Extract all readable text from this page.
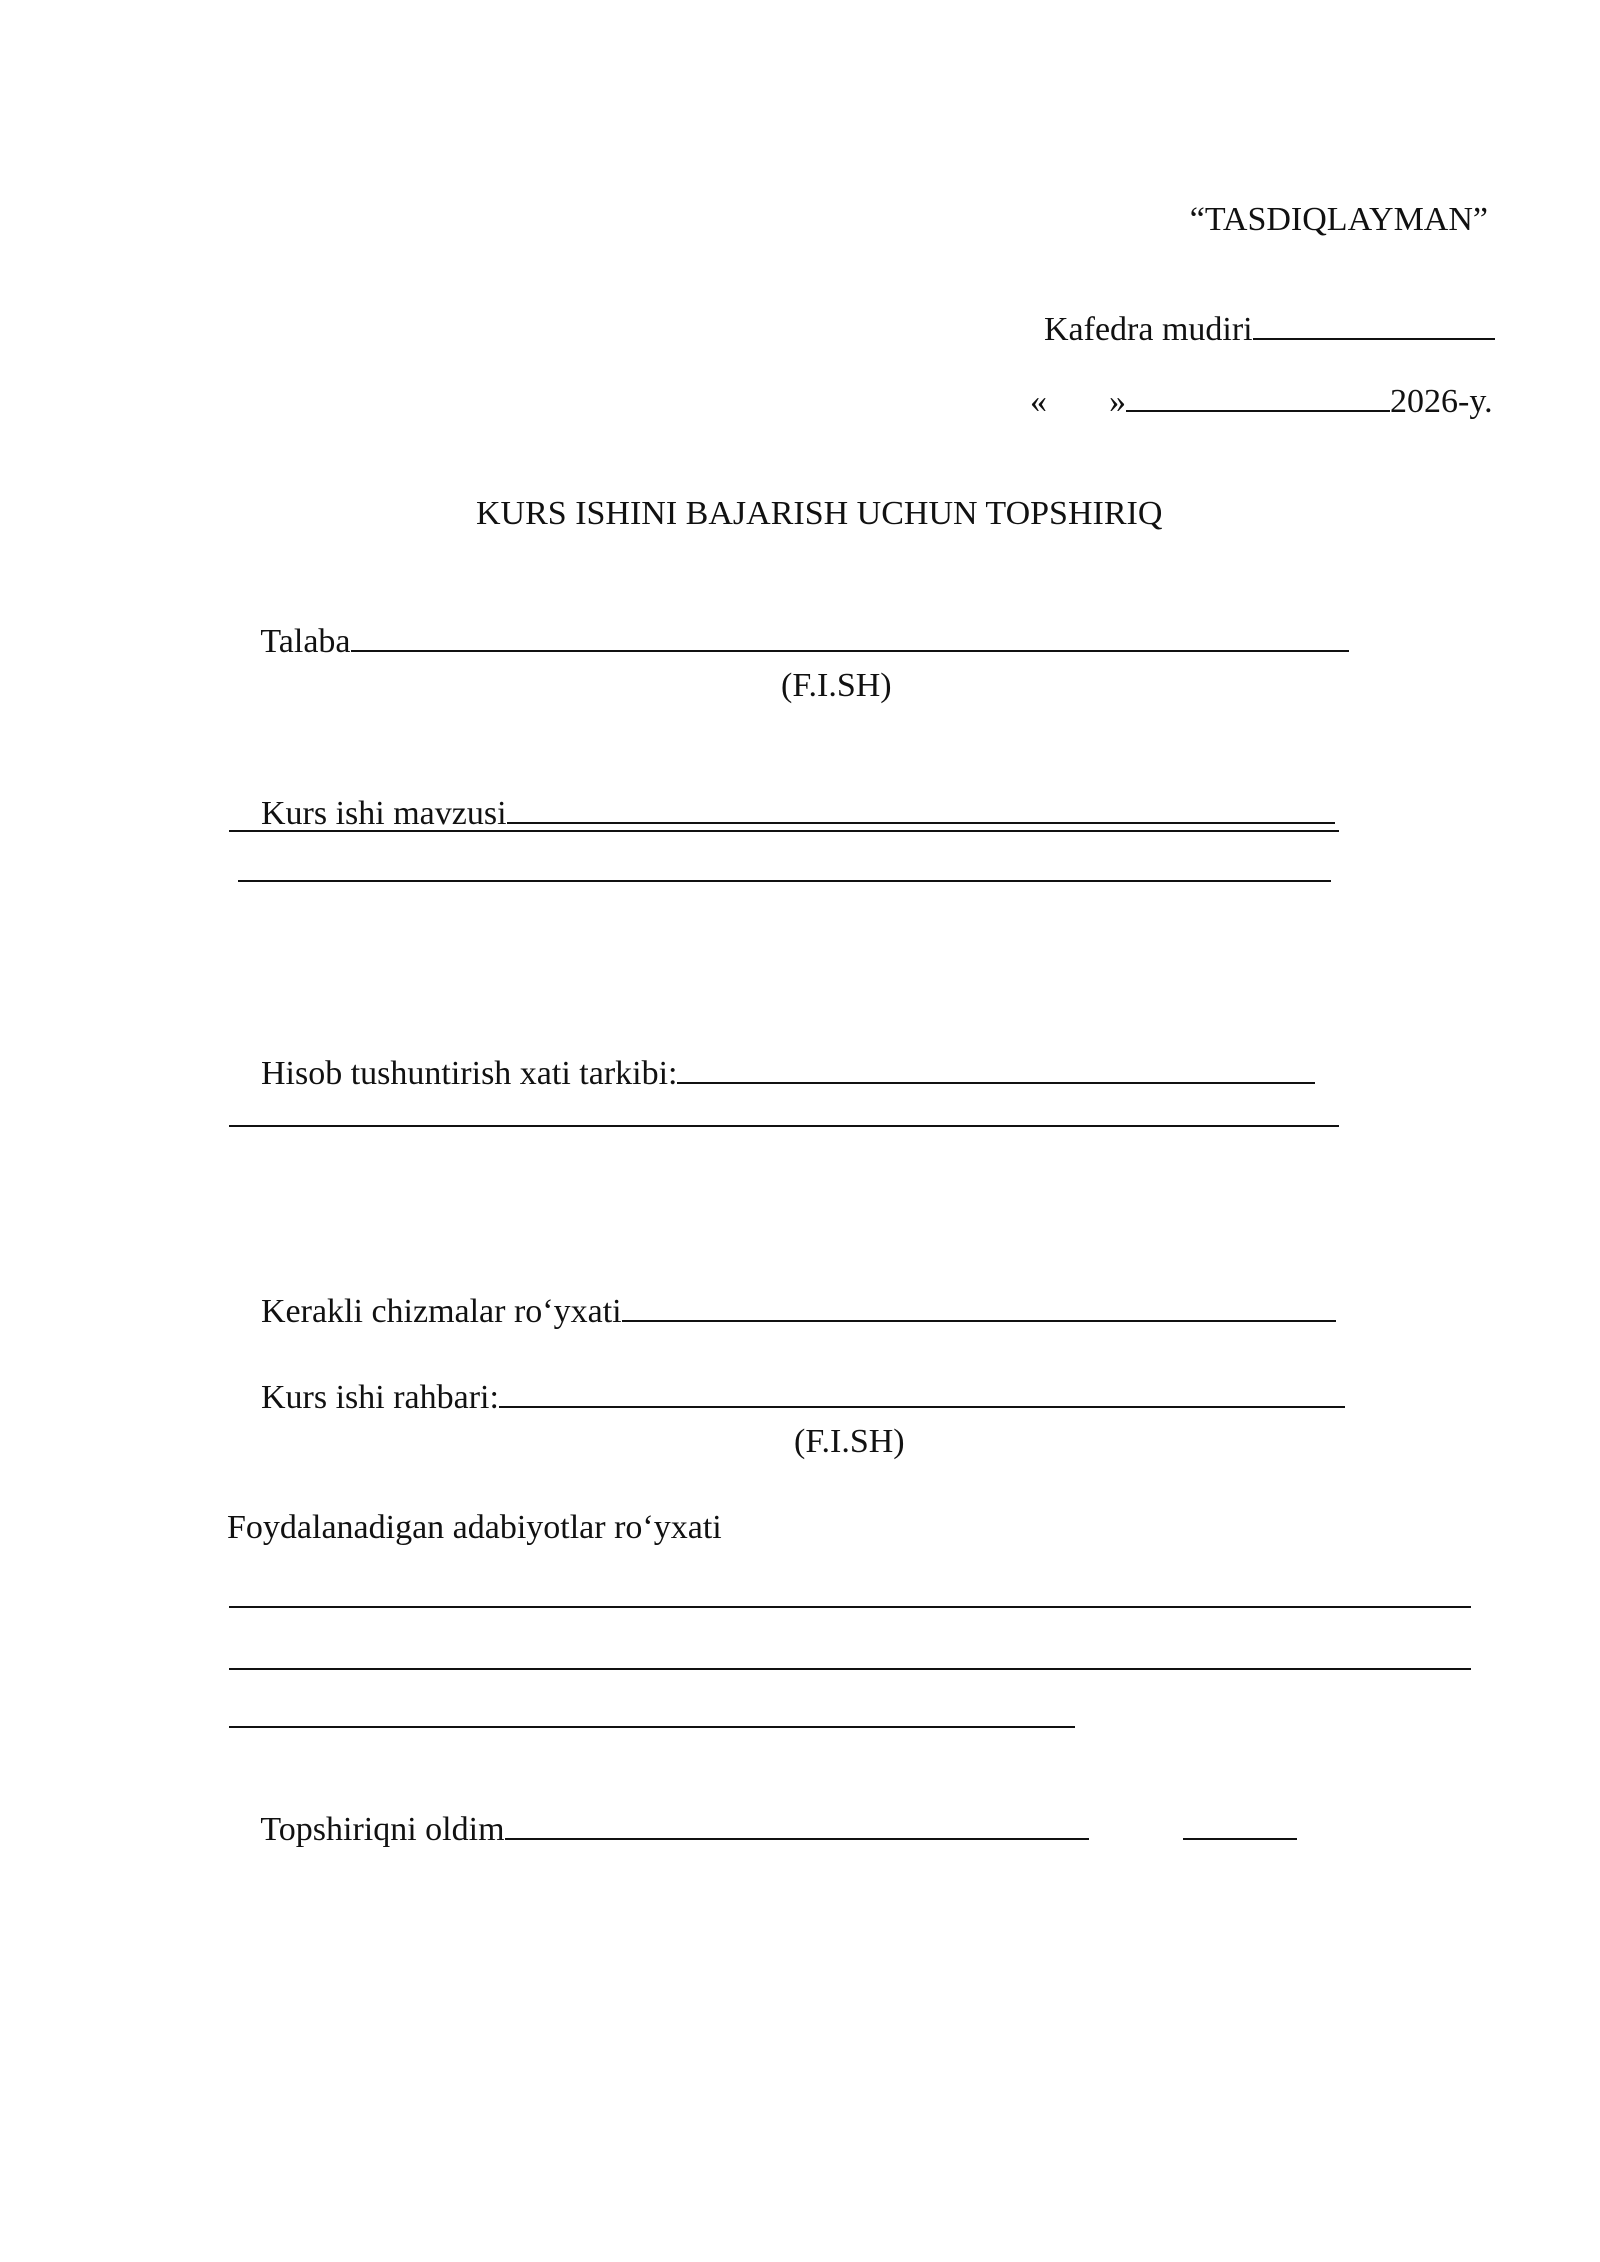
“TASDIQLAYMAN”

Kafedra mudiri

« »	2026-y.

KURS ISHINI BAJARISH UCHUN TOPSHIRIQ

Talaba

(F.I.SH)

Kurs ishi mavzusi

Hisob tushuntirish xati tarkibi:

Kerakli chizmalar ro‘yxati

Kurs ishi rahbari:

(F.I.SH)
Foydalanadigan adabiyotlar ro‘yxati

Topshiriqni oldim
